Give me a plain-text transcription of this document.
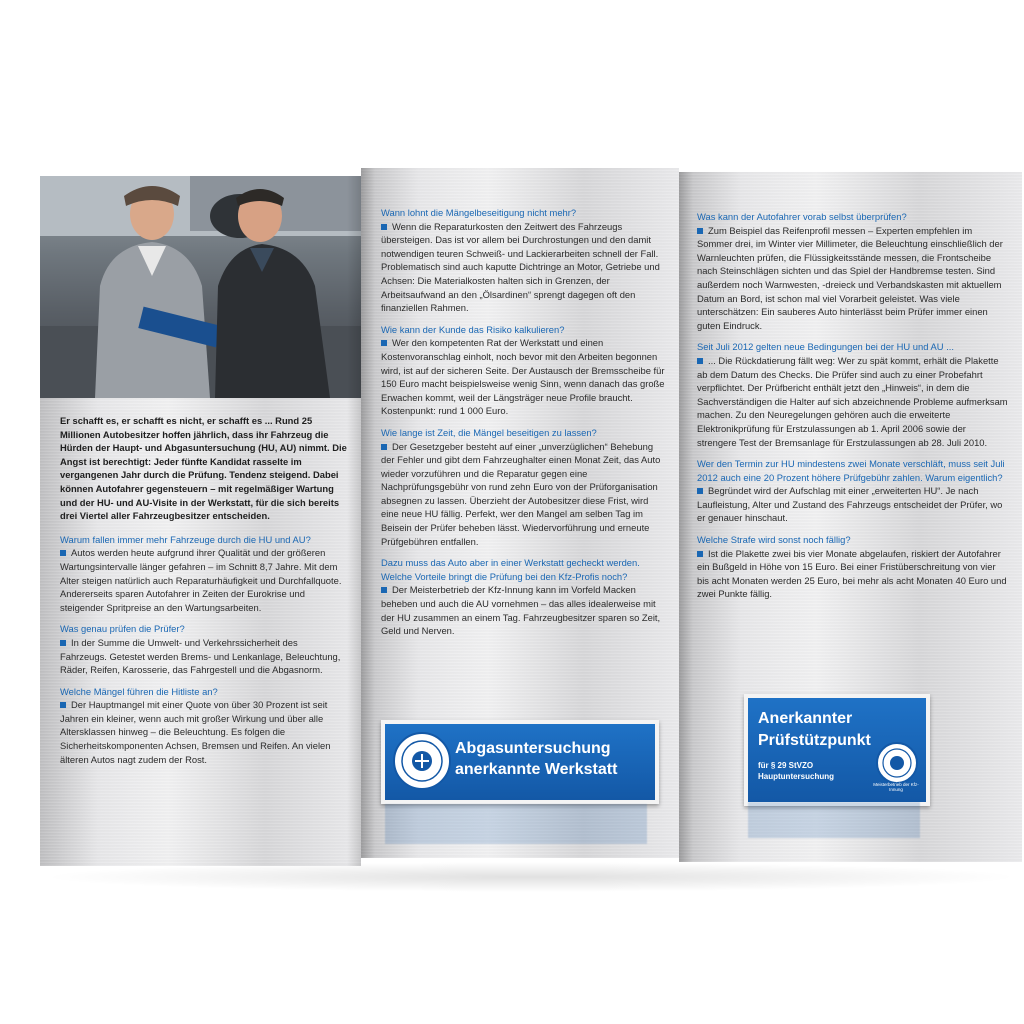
Er schafft es, er schafft es nicht, er schafft es ... Rund 25 Millionen Autobesitzer hoffen jährlich, dass ihr Fahrzeug die Hürden der Haupt- und Abgasuntersuchung (HU, AU) nimmt. Die Angst ist berechtigt: Jeder fünfte Kandidat rasselte im vergangenen Jahr durch die Prüfung. Tendenz steigend. Dabei können Autofahrer gegensteuern – mit regelmäßiger Wartung und der HU- und AU-Visite in der Werkstatt, für die sich bereits drei Viertel aller Fahrzeugbesitzer entscheiden.

Warum fallen immer mehr Fahrzeuge durch die HU und AU?

Autos werden heute aufgrund ihrer Qualität und der größeren Wartungsintervalle länger gefahren – im Schnitt 8,7 Jahre. Mit dem Alter steigen natürlich auch Reparaturhäufigkeit und Durchfallquote. Andererseits sparen Autofahrer in Zeiten der Eurokrise und steigender Spritpreise an den Wartungsarbeiten.

Was genau prüfen die Prüfer?

In der Summe die Umwelt- und Verkehrssicherheit des Fahrzeugs. Getestet werden Brems- und Lenkanlage, Beleuchtung, Räder, Reifen, Karosserie, das Fahrgestell und die Abgasnorm.

Welche Mängel führen die Hitliste an?

Der Hauptmangel mit einer Quote von über 30 Prozent ist seit Jahren ein kleiner, wenn auch mit großer Wirkung und über alle Altersklassen hinweg – die Beleuchtung. Es folgen die Sicherheitskomponenten Achsen, Bremsen und Reifen. An vielen älteren Autos nagt zudem der Rost.

Wann lohnt die Mängelbeseitigung nicht mehr?

Wenn die Reparaturkosten den Zeitwert des Fahrzeugs übersteigen. Das ist vor allem bei Durchrostungen und den damit notwendigen teuren Schweiß- und Lackierarbeiten schnell der Fall. Problematisch sind auch kaputte Dichtringe an Motor, Getriebe und Achsen: Die Materialkosten halten sich in Grenzen, der Arbeitsaufwand an den „Ölsardinen“ sprengt dagegen oft den finanziellen Rahmen.

Wie kann der Kunde das Risiko kalkulieren?

Wer den kompetenten Rat der Werkstatt und einen Kostenvoranschlag einholt, noch bevor mit den Arbeiten begonnen wird, ist auf der sicheren Seite. Der Austausch der Bremsscheibe für 150 Euro macht beispielsweise wenig Sinn, wenn danach das große Erwachen kommt, weil der Längsträger neue Profile braucht. Kostenpunkt: rund 1 000 Euro.

Wie lange ist Zeit, die Mängel beseitigen zu lassen?

Der Gesetzgeber besteht auf einer „unverzüglichen“ Behebung der Fehler und gibt dem Fahrzeughalter einen Monat Zeit, das Auto wieder vorzuführen und die Reparatur gegen eine Nachprüfungsgebühr von rund zehn Euro von der Prüforganisation absegnen zu lassen. Überzieht der Autobesitzer diese Frist, wird eine neue HU fällig. Perfekt, wer den Mangel am selben Tag im Beisein der Prüfer beheben lässt. Wiedervorführung und erneute Prüfgebühren entfallen.

Dazu muss das Auto aber in einer Werkstatt gecheckt werden. Welche Vorteile bringt die Prüfung bei den Kfz-Profis noch?

Der Meisterbetrieb der Kfz-Innung kann im Vorfeld Macken beheben und auch die AU vornehmen – das alles idealerweise mit der HU zusammen an einem Tag. Fahrzeugbesitzer sparen so Zeit, Geld und Nerven.

Abgasuntersuchung
anerkannte Werkstatt

Was kann der Autofahrer vorab selbst überprüfen?

Zum Beispiel das Reifenprofil messen – Experten empfehlen im Sommer drei, im Winter vier Millimeter, die Beleuchtung einschließlich der Warnleuchten prüfen, die Flüssigkeitsstände messen, die Frontscheibe nach Steinschlägen sichten und das Spiel der Handbremse testen. Sind außerdem noch Warnwesten, -dreieck und Verbandskasten mit aktuellem Datum an Bord, ist schon mal viel Vorarbeit geleistet. Was viele unterschätzen: Ein sauberes Auto hinterlässt beim Prüfer immer einen guten Eindruck.

Seit Juli 2012 gelten neue Bedingungen bei der HU und AU ...

... Die Rückdatierung fällt weg: Wer zu spät kommt, erhält die Plakette ab dem Datum des Checks. Die Prüfer sind auch zu einer Probefahrt verpflichtet. Der Prüfbericht enthält jetzt den „Hinweis“, in dem die Sachverständigen die Halter auf sich abzeichnende Probleme aufmerksam machen. Zu den Neuregelungen gehören auch die erweiterte Elektronikprüfung für Erstzulassungen ab 1. April 2006 sowie der strengere Test der Bremsanlage für Erstzulassungen ab 28. Juli 2010.

Wer den Termin zur HU mindestens zwei Monate verschläft, muss seit Juli 2012 auch eine 20 Prozent höhere Prüfgebühr zahlen. Warum eigentlich?

Begründet wird der Aufschlag mit einer „erweiterten HU“. Je nach Laufleistung, Alter und Zustand des Fahrzeugs entscheidet der Prüfer, wo er genauer hinschaut.

Welche Strafe wird sonst noch fällig?

Ist die Plakette zwei bis vier Monate abgelaufen, riskiert der Autofahrer ein Bußgeld in Höhe von 15 Euro. Bei einer Fristüberschreitung von vier bis acht Monaten werden 25 Euro, bei mehr als acht Monaten 40 Euro und zwei Punkte fällig.

Anerkannter
Prüfstützpunkt
für § 29 StVZO
Hauptuntersuchung
Meisterbetrieb der Kfz-Innung
